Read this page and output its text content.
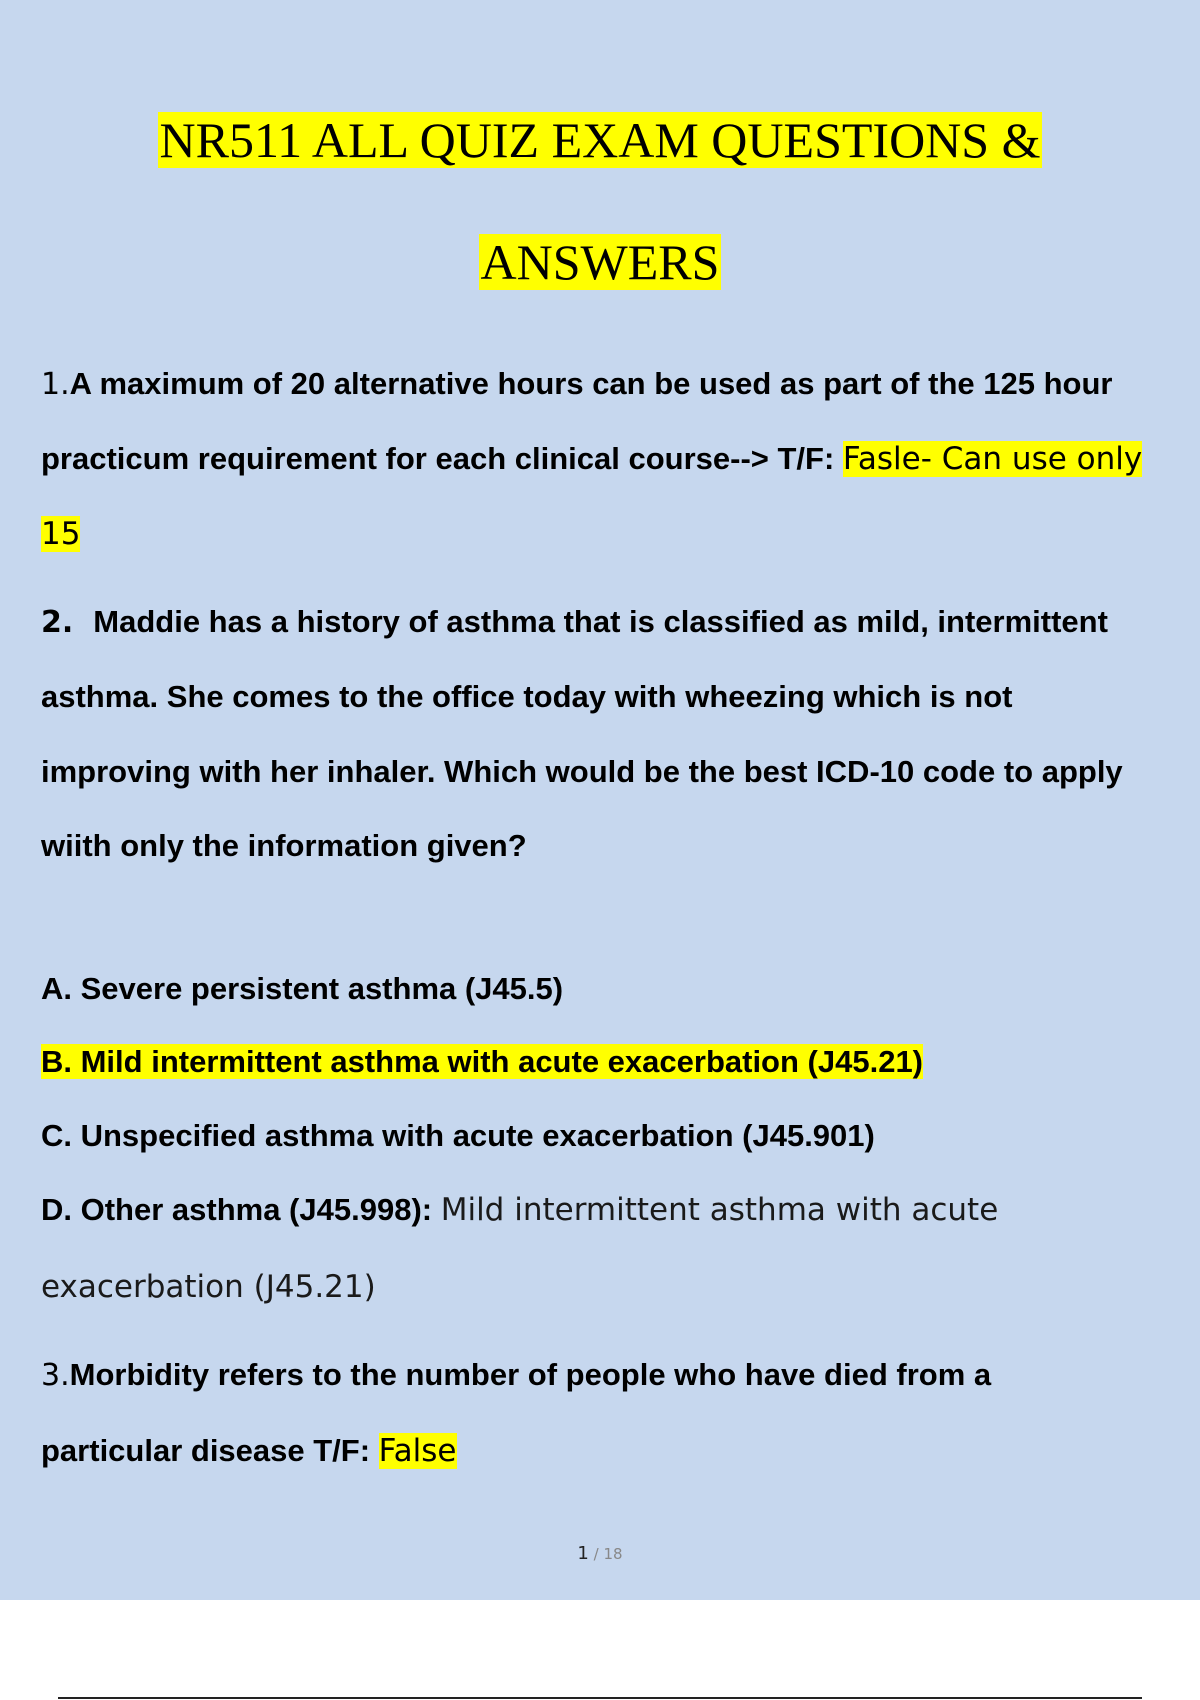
NR511 ALL QUIZ EXAM QUESTIONS &
ANSWERS
1.A maximum of 20 alternative hours can be used as part of the 125 hour
practicum requirement for each clinical course--> T/F: Fasle- Can use only
15
2. Maddie has a history of asthma that is classified as mild, intermittent
asthma. She comes to the office today with wheezing which is not
improving with her inhaler. Which would be the best ICD-10 code to apply
wiith only the information given?
A. Severe persistent asthma (J45.5)
B. Mild intermittent asthma with acute exacerbation (J45.21)
C. Unspecified asthma with acute exacerbation (J45.901)
D. Other asthma (J45.998): Mild intermittent asthma with acute
exacerbation (J45.21)
3.Morbidity refers to the number of people who have died from a
particular disease T/F: False
1 / 18
